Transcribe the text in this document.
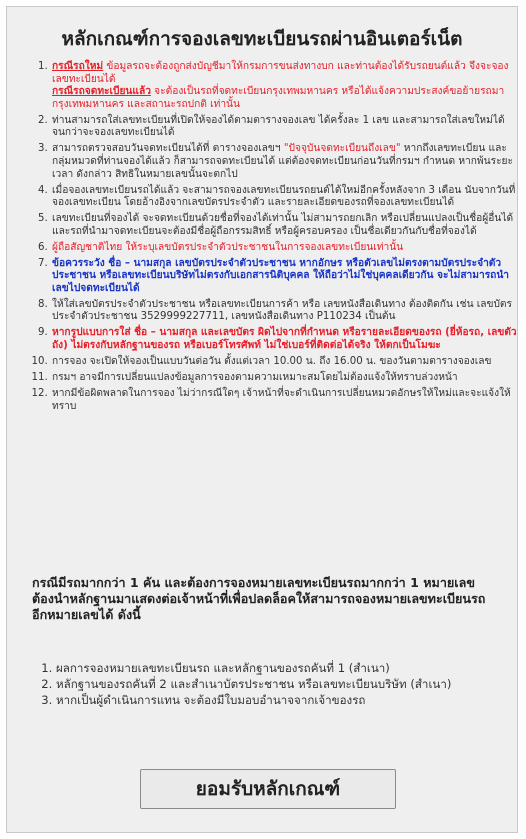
หลักเกณฑ์การจองเลขทะเบียนรถผ่านอินเตอร์เน็ต
1. กรณีรถใหม่ ข้อมูลรถจะต้องถูกส่งบัญชีมาให้กรมการขนส่งทางบก และท่านต้องได้รับรถยนต์แล้ว จึงจะจองเลขทะเบียนได้
กรณีรถจดทะเบียนแล้ว จะต้องเป็นรถที่จดทะเบียนกรุงเทพมหานคร หรือได้แจ้งความประสงค์ขอย้ายรถมากรุงเทพมหานคร และสถานะรถปกติ เท่านั้น
2. ท่านสามารถใส่เลขทะเบียนที่เปิดให้จองได้ตามตารางจองเลข ได้ครั้งละ 1 เลข และสามารถใส่เลขใหม่ได้จนกว่าจะจองเลขทะเบียนได้
3. สามารถตรวจสอบวันจดทะเบียนได้ที่ ตารางจองเลขฯ "ปัจจุบันจดทะเบียนถึงเลข" หากถึงเลขทะเบียน และกลุ่มหมวดที่ท่านจองได้แล้ว ก็สามารถจดทะเบียนได้ แต่ต้องจดทะเบียนก่อนวันที่กรมฯ กำหนด หากพ้นระยะเวลา ดังกล่าว สิทธิในหมายเลขนั้นจะตกไป
4. เมื่อจองเลขทะเบียนรถได้แล้ว จะสามารถจองเลขทะเบียนรถยนต์ได้ใหม่อีกครั้งหลังจาก 3 เดือน นับจากวันที่จองเลขทะเบียน โดยอ้างอิงจากเลขบัตรประจำตัว และรายละเอียดของรถที่จองเลขทะเบียนได้
5. เลขทะเบียนที่จองได้ จะจดทะเบียนด้วยชื่อที่จองได้เท่านั้น ไม่สามารถยกเลิก หรือเปลี่ยนแปลงเป็นชื่อผู้อื่นได้ และรถที่นำมาจดทะเบียนจะต้องมีชื่อผู้ถือกรรมสิทธิ์ หรือผู้ครอบครอง เป็นชื่อเดียวกันกับชื่อที่จองได้
6. ผู้ถือสัญชาติไทย ให้ระบุเลขบัตรประจำตัวประชาชนในการจองเลขทะเบียนเท่านั้น
7. ข้อควรระวัง ชื่อ – นามสกุล เลขบัตรประจำตัวประชาชน หากอักษร หรือตัวเลขไม่ตรงตามบัตรประจำตัวประชาชน หรือเลขทะเบียนบริษัทไม่ตรงกับเอกสารนิติบุคคล ให้ถือว่าไม่ใช่บุคคลเดียวกัน จะไม่สามารถนำเลขไปจดทะเบียนได้
8. ให้ใส่เลขบัตรประจำตัวประชาชน หรือเลขทะเบียนการค้า หรือ เลขหนังสือเดินทาง ต้องติดกัน เช่น เลขบัตรประจำตัวประชาชน 3529999227711, เลขหนังสือเดินทาง P110234 เป็นต้น
9. หากรูปแบบการใส่ ชื่อ – นามสกุล และเลขบัตร ผิดไปจากที่กำหนด หรือรายละเอียดของรถ (ยี่ห้อรถ, เลขตัวถัง) ไม่ตรงกับหลักฐานของรถ หรือเบอร์โทรศัพท์ ไม่ใช่เบอร์ที่ติดต่อได้จริง ให้ตกเป็นโมฆะ
10. การจอง จะเปิดให้จองเป็นแบบวันต่อวัน ตั้งแต่เวลา 10.00 น. ถึง 16.00 น. ของวันตามตารางจองเลข
11. กรมฯ อาจมีการเปลี่ยนแปลงข้อมูลการจองตามความเหมาะสมโดยไม่ต้องแจ้งให้ทราบล่วงหน้า
12. หากมีข้อผิดพลาดในการจอง ไม่ว่ากรณีใดๆ เจ้าหน้าที่จะดำเนินการเปลี่ยนหมวดอักษรให้ใหม่และจะแจ้งให้ทราบ

กรณีมีรถมากกว่า 1 คัน และต้องการจองหมายเลขทะเบียนรถมากกว่า 1 หมายเลข ต้องนำหลักฐานมาแสดงต่อเจ้าหน้าที่เพื่อปลดล็อคให้สามารถจองหมายเลขทะเบียนรถอีกหมายเลขได้ ดังนี้

1. ผลการจองหมายเลขทะเบียนรถ และหลักฐานของรถคันที่ 1 (สำเนา)
2. หลักฐานของรถคันที่ 2 และสำเนาบัตรประชาชน หรือเลขทะเบียนบริษัท (สำเนา)
3. หากเป็นผู้ดำเนินการแทน จะต้องมีใบมอบอำนาจจากเจ้าของรถ
ยอมรับหลักเกณฑ์
